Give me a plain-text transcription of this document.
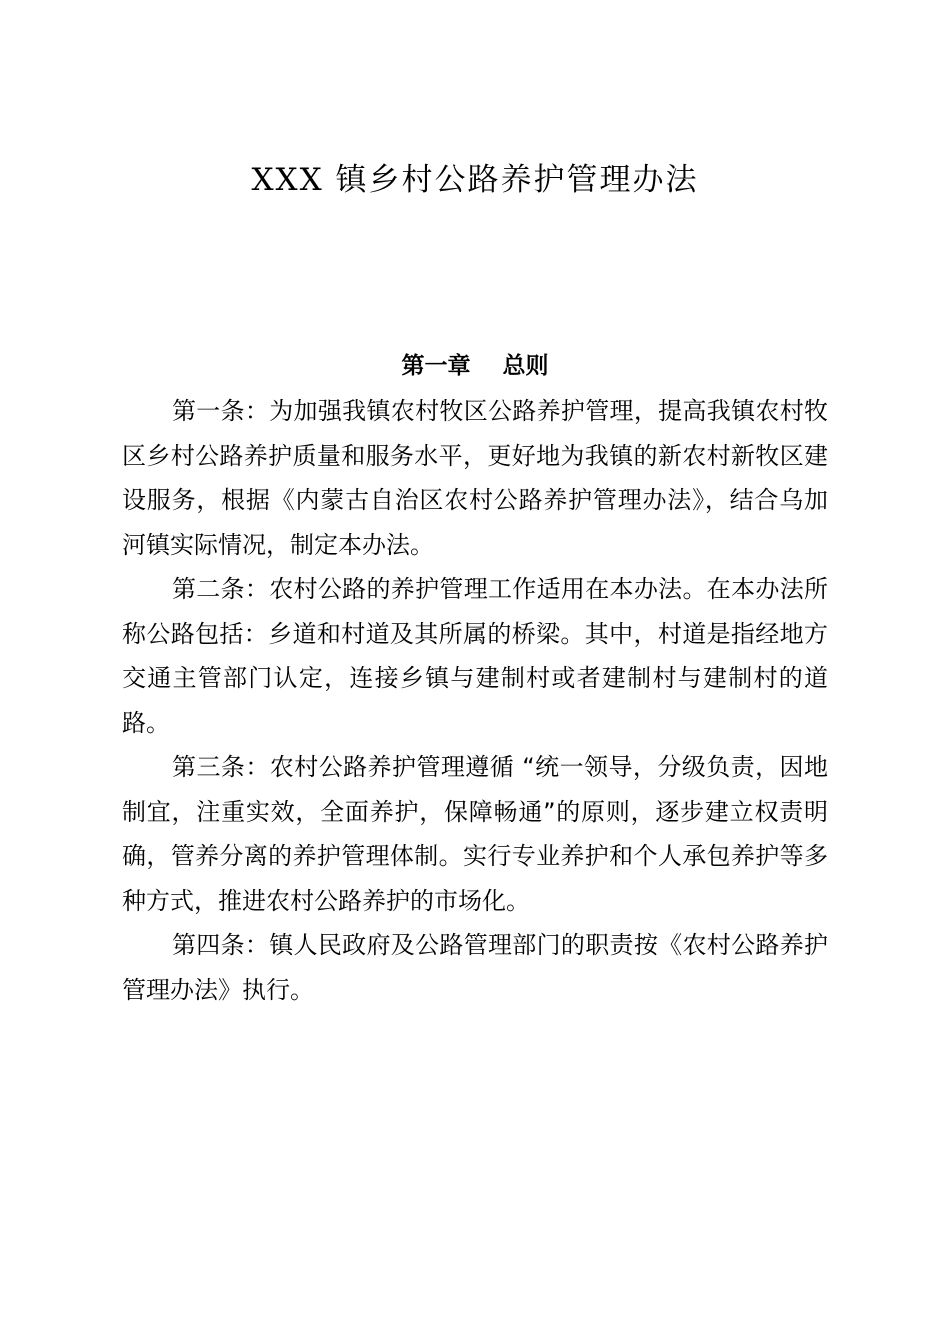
XXX 镇乡村公路养护管理办法
第一章    总则

第一条：为加强我镇农村牧区公路养护管理，提高我镇农村牧区乡村公路养护质量和服务水平，更好地为我镇的新农村新牧区建设服务，根据《内蒙古自治区农村公路养护管理办法》，结合乌加河镇实际情况，制定本办法。

第二条：农村公路的养护管理工作适用在本办法。在本办法所称公路包括：乡道和村道及其所属的桥梁。其中，村道是指经地方交通主管部门认定，连接乡镇与建制村或者建制村与建制村的道路。

第三条：农村公路养护管理遵循 “统一领导，分级负责，因地制宜，注重实效，全面养护，保障畅通”的原则，逐步建立权责明确，管养分离的养护管理体制。实行专业养护和个人承包养护等多种方式，推进农村公路养护的市场化。

第四条：镇人民政府及公路管理部门的职责按《农村公路养护管理办法》执行。
